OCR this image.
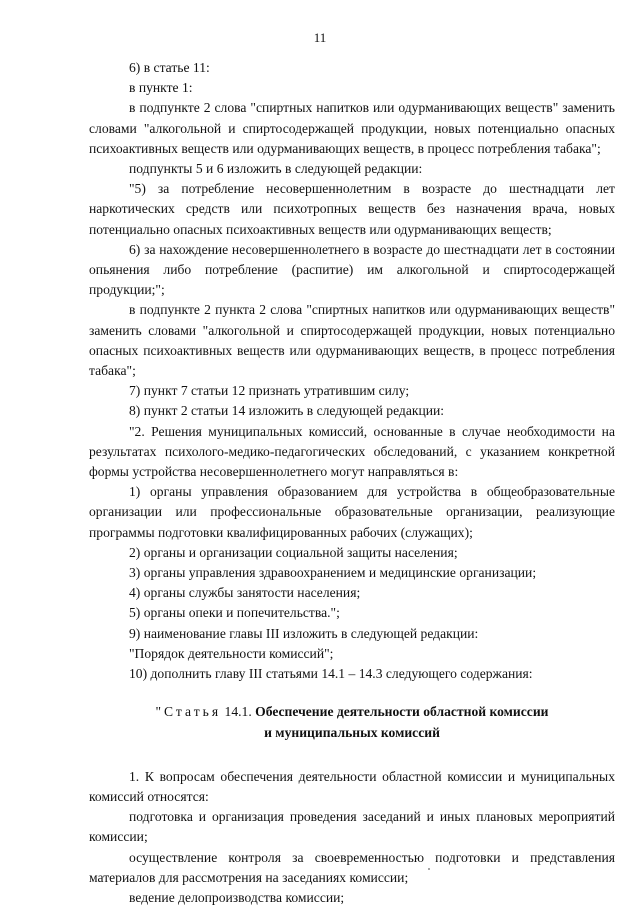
11

6) в статье 11:

в пункте 1:

в подпункте 2 слова "спиртных напитков или одурманивающих веществ" заменить словами "алкогольной и спиртосодержащей продукции, новых потенциально опасных психоактивных веществ или одурманивающих веществ, в процесс потребления табака";

подпункты 5 и 6 изложить в следующей редакции:

"5) за потребление несовершеннолетним в возрасте до шестнадцати лет наркотических средств или психотропных веществ без назначения врача, новых потенциально опасных психоактивных веществ или одурманивающих веществ;

6) за нахождение несовершеннолетнего в возрасте до шестнадцати лет в состоянии опьянения либо потребление (распитие) им алкогольной и спиртосодержащей продукции;";

в подпункте 2 пункта 2 слова "спиртных напитков или одурманивающих веществ" заменить словами "алкогольной и спиртосодержащей продукции, новых потенциально опасных психоактивных веществ или одурманивающих веществ, в процесс потребления табака";

7) пункт 7 статьи 12 признать утратившим силу;

8) пункт 2 статьи 14 изложить в следующей редакции:

"2. Решения муниципальных комиссий, основанные в случае необходимости на результатах психолого-медико-педагогических обследований, с указанием конкретной формы устройства несовершеннолетнего могут направляться в:

1) органы управления образованием для устройства в общеобразовательные организации или профессиональные образовательные организации, реализующие программы подготовки квалифицированных рабочих (служащих);

2) органы и организации социальной защиты населения;

3) органы управления здравоохранением и медицинские организации;

4) органы службы занятости населения;

5) органы опеки и попечительства.";

9) наименование главы III изложить в следующей редакции:

"Порядок деятельности комиссий";

10) дополнить главу III статьями 14.1 – 14.3 следующего содержания:

"Статья 14.1. Обеспечение деятельности областной комиссии
и муниципальных комиссий

1. К вопросам обеспечения деятельности областной комиссии и муниципальных комиссий относятся:

подготовка и организация проведения заседаний и иных плановых мероприятий комиссии;

осуществление контроля за своевременностью подготовки и представления материалов для рассмотрения на заседаниях комиссии;

ведение делопроизводства комиссии;
